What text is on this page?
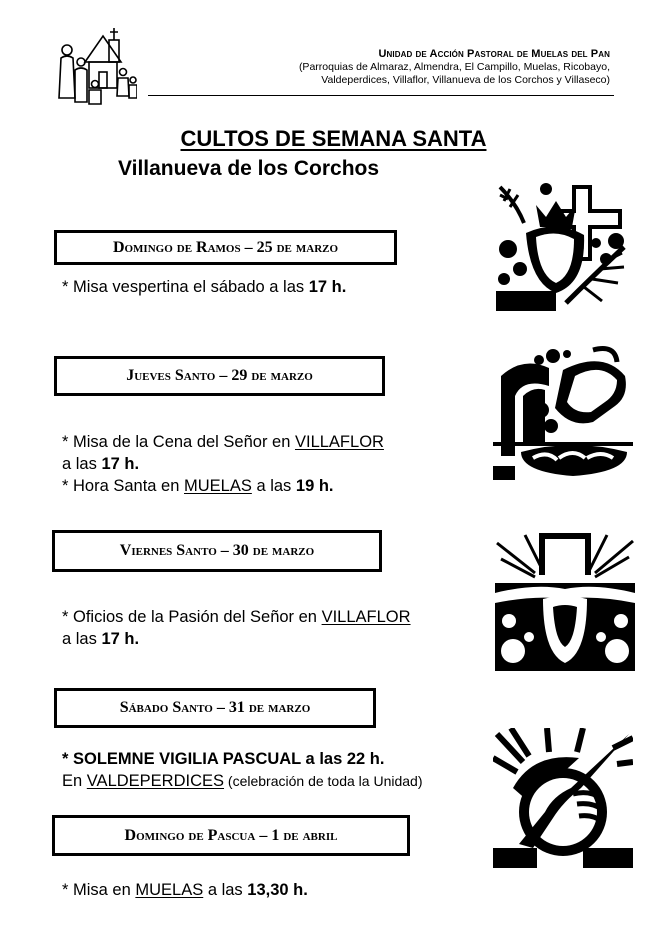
Unidad de Acción Pastoral de Muelas del Pan
(Parroquias de Almaraz, Almendra, El Campillo, Muelas, Ricobayo,
Valdeperdices, Villaflor, Villanueva de los Corchos y Villaseco)
CULTOS DE SEMANA SANTA
Villanueva de los Corchos
Domingo de Ramos – 25 de marzo
* Misa vespertina el sábado a las 17 h.
Jueves Santo – 29 de marzo
* Misa de la Cena del Señor en VILLAFLOR
a las 17 h.
* Hora Santa en MUELAS a las 19 h.
Viernes Santo – 30 de marzo
* Oficios de la Pasión del Señor en VILLAFLOR
a las 17 h.
Sábado Santo – 31 de marzo
* SOLEMNE VIGILIA PASCUAL a las 22 h.
En VALDEPERDICES (celebración de toda la Unidad)
Domingo de Pascua – 1 de abril
* Misa en MUELAS a las 13,30 h.
